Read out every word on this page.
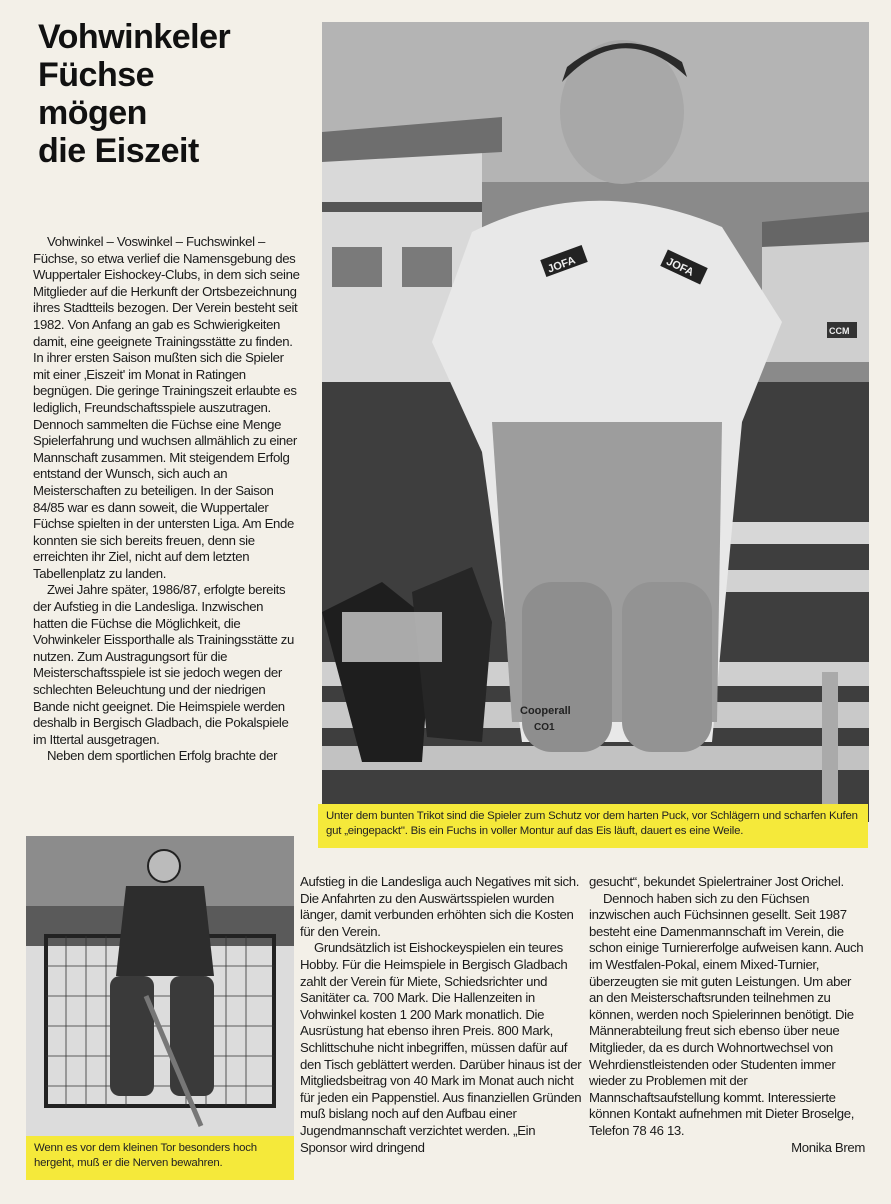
Vohwinkeler
Füchse
mögen
die Eiszeit

Vohwinkel – Voswinkel – Fuchswinkel – Füchse, so etwa verlief die Namensgebung des Wuppertaler Eishockey-Clubs, in dem sich seine Mitglieder auf die Herkunft der Ortsbezeichnung ihres Stadtteils bezogen. Der Verein besteht seit 1982. Von Anfang an gab es Schwierigkeiten damit, eine geeignete Trainingsstätte zu finden. In ihrer ersten Saison mußten sich die Spieler mit einer ‚Eiszeit' im Monat in Ratingen begnügen. Die geringe Trainingszeit erlaubte es lediglich, Freundschaftsspiele auszutragen. Dennoch sammelten die Füchse eine Menge Spielerfahrung und wuchsen allmählich zu einer Mannschaft zusammen. Mit steigendem Erfolg entstand der Wunsch, sich auch an Meisterschaften zu beteiligen. In der Saison 84/85 war es dann soweit, die Wuppertaler Füchse spielten in der untersten Liga. Am Ende konnten sie sich bereits freuen, denn sie erreichten ihr Ziel, nicht auf dem letzten Tabellenplatz zu landen.

Zwei Jahre später, 1986/87, erfolgte bereits der Aufstieg in die Landesliga. Inzwischen hatten die Füchse die Möglichkeit, die Vohwinkeler Eissporthalle als Trainingsstätte zu nutzen. Zum Austragungsort für die Meisterschaftsspiele ist sie jedoch wegen der schlechten Beleuchtung und der niedrigen Bande nicht geeignet. Die Heimspiele werden deshalb in Bergisch Gladbach, die Pokalspiele im Ittertal ausgetragen.

Neben dem sportlichen Erfolg brachte der

JOFA	JOFA
CCM
Cooperall
CO1
Unter dem bunten Trikot sind die Spieler zum Schutz vor dem harten Puck, vor Schlägern und scharfen Kufen gut „eingepackt". Bis ein Fuchs in voller Montur auf das Eis läuft, dauert es eine Weile.
Wenn es vor dem kleinen Tor besonders hoch hergeht, muß er die Nerven bewahren.

Aufstieg in die Landesliga auch Negatives mit sich. Die Anfahrten zu den Auswärtsspielen wurden länger, damit verbunden erhöhten sich die Kosten für den Verein.

Grundsätzlich ist Eishockeyspielen ein teures Hobby. Für die Heimspiele in Bergisch Gladbach zahlt der Verein für Miete, Schiedsrichter und Sanitäter ca. 700 Mark. Die Hallenzeiten in Vohwinkel kosten 1 200 Mark monatlich. Die Ausrüstung hat ebenso ihren Preis. 800 Mark, Schlittschuhe nicht inbegriffen, müssen dafür auf den Tisch geblättert werden. Darüber hinaus ist der Mitgliedsbeitrag von 40 Mark im Monat auch nicht für jeden ein Pappenstiel. Aus finanziellen Gründen muß bislang noch auf den Aufbau einer Jugendmannschaft verzichtet werden. „Ein Sponsor wird dringend

gesucht“, bekundet Spielertrainer Jost Orichel.

Dennoch haben sich zu den Füchsen inzwischen auch Füchsinnen gesellt. Seit 1987 besteht eine Damenmannschaft im Verein, die schon einige Turniererfolge aufweisen kann. Auch im Westfalen-Pokal, einem Mixed-Turnier, überzeugten sie mit guten Leistungen. Um aber an den Meisterschaftsrunden teilnehmen zu können, werden noch Spielerinnen benötigt. Die Männerabteilung freut sich ebenso über neue Mitglieder, da es durch Wohnortwechsel von Wehrdienstleistenden oder Studenten immer wieder zu Problemen mit der Mannschaftsaufstellung kommt. Interessierte können Kontakt aufnehmen mit Dieter Broselge, Telefon 78 46 13.

Monika Brem
